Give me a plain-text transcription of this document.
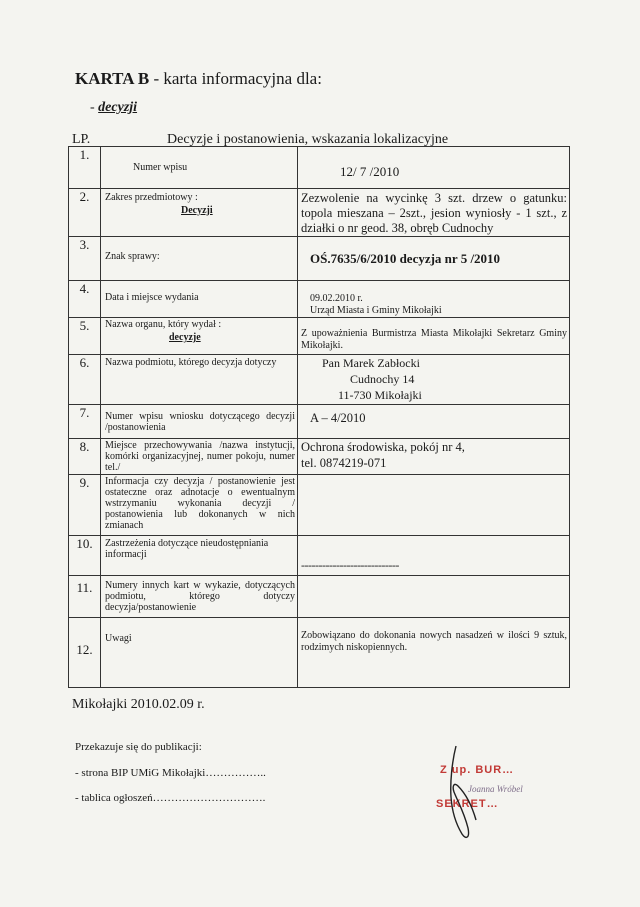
KARTA B - karta informacyjna dla:
- decyzji
LP.	Decyzje i postanowienia, wskazania lokalizacyjne
1.	Numer wpisu	12/ 7 /2010

2.	Zakres przedmiotowy :
Decyzji	Zezwolenie na wycinkę 3 szt. drzew o gatunku: topola mieszana – 2szt., jesion wyniosły - 1 szt., z działki o nr geod. 38, obręb Cudnochy

3.	Znak sprawy:	OŚ.7635/6/2010 decyzja nr 5 /2010

4.	Data i miejsce wydania	09.02.2010 r.
Urząd Miasta i Gminy Mikołajki

5.	Nazwa organu, który wydał :
decyzje	Z upoważnienia Burmistrza Miasta Mikołajki Sekretarz Gminy Mikołajki.

6.	Nazwa podmiotu, którego decyzja dotyczy	Pan Marek Zabłocki
Cudnochy 14
11-730 Mikołajki

7.	Numer wpisu wniosku dotyczącego decyzji /postanowienia	A – 4/2010

8.	Miejsce przechowywania /nazwa instytucji, komórki organizacyjnej, numer pokoju, numer tel./	Ochrona środowiska, pokój nr 4,
tel. 0874219-071

9.	Informacja czy decyzja / postanowienie jest ostateczne oraz adnotacje o ewentualnym wstrzymaniu wykonania decyzji / postanowienia lub dokonanych w nich zmianach	

10.	Zastrzeżenia dotyczące nieudostępniania informacji	----------------------------

11.	Numery innych kart w wykazie, dotyczących podmiotu, którego dotyczy decyzja/postanowienie	

12.	Uwagi	Zobowiązano do dokonania nowych nasadzeń w ilości 9 sztuk, rodzimych niskopiennych.
Mikołajki 2010.02.09 r.
Przekazuje się do publikacji:
- strona BIP UMiG Mikołajki……………..
- tablica ogłoszeń………………………….
Z up. BUR…
Joanna Wróbel
SEKRET…
